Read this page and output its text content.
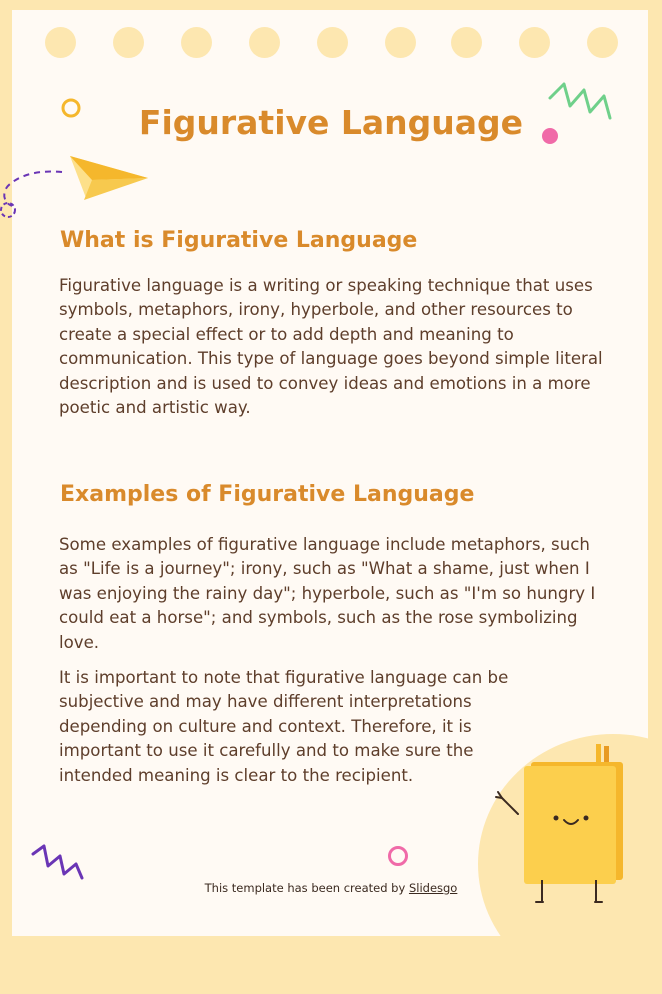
Figurative Language
What is Figurative Language

Figurative language is a writing or speaking technique that uses symbols, metaphors, irony, hyperbole, and other resources to create a special effect or to add depth and meaning to communication. This type of language goes beyond simple literal description and is used to convey ideas and emotions in a more poetic and artistic way.

Examples of Figurative Language

Some examples of figurative language include metaphors, such as "Life is a journey"; irony, such as "What a shame, just when I was enjoying the rainy day"; hyperbole, such as "I'm so hungry I could eat a horse"; and symbols, such as the rose symbolizing love.

It is important to note that figurative language can be subjective and may have different interpretations depending on culture and context. Therefore, it is important to use it carefully and to make sure the intended meaning is clear to the recipient.

This template has been created by Slidesgo
